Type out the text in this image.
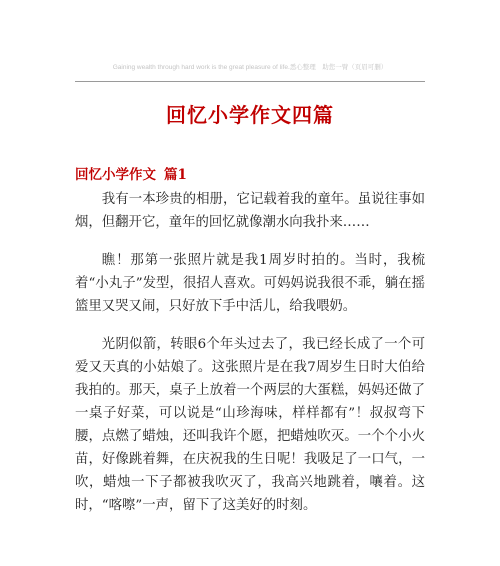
Gaining wealth through hard work is the great pleasure of life.悉心整理　助您一臂（页眉可删）
回忆小学作文四篇
回忆小学作文 篇1

我有一本珍贵的相册，它记载着我的童年。虽说往事如烟，但翻开它，童年的回忆就像潮水向我扑来……

瞧！那第一张照片就是我1周岁时拍的。当时，我梳着“小丸子”发型，很招人喜欢。可妈妈说我很不乖，躺在摇篮里又哭又闹，只好放下手中活儿，给我喂奶。

光阴似箭，转眼6个年头过去了，我已经长成了一个可爱又天真的小姑娘了。这张照片是在我7周岁生日时大伯给我拍的。那天，桌子上放着一个两层的大蛋糕，妈妈还做了一桌子好菜，可以说是“山珍海味，样样都有”！叔叔弯下腰，点燃了蜡烛，还叫我许个愿，把蜡烛吹灭。一个个小火苗，好像跳着舞，在庆祝我的生日呢！我吸足了一口气，一吹，蜡烛一下子都被我吹灭了，我高兴地跳着，嚷着。这时，“喀嚓”一声，留下了这美好的时刻。
